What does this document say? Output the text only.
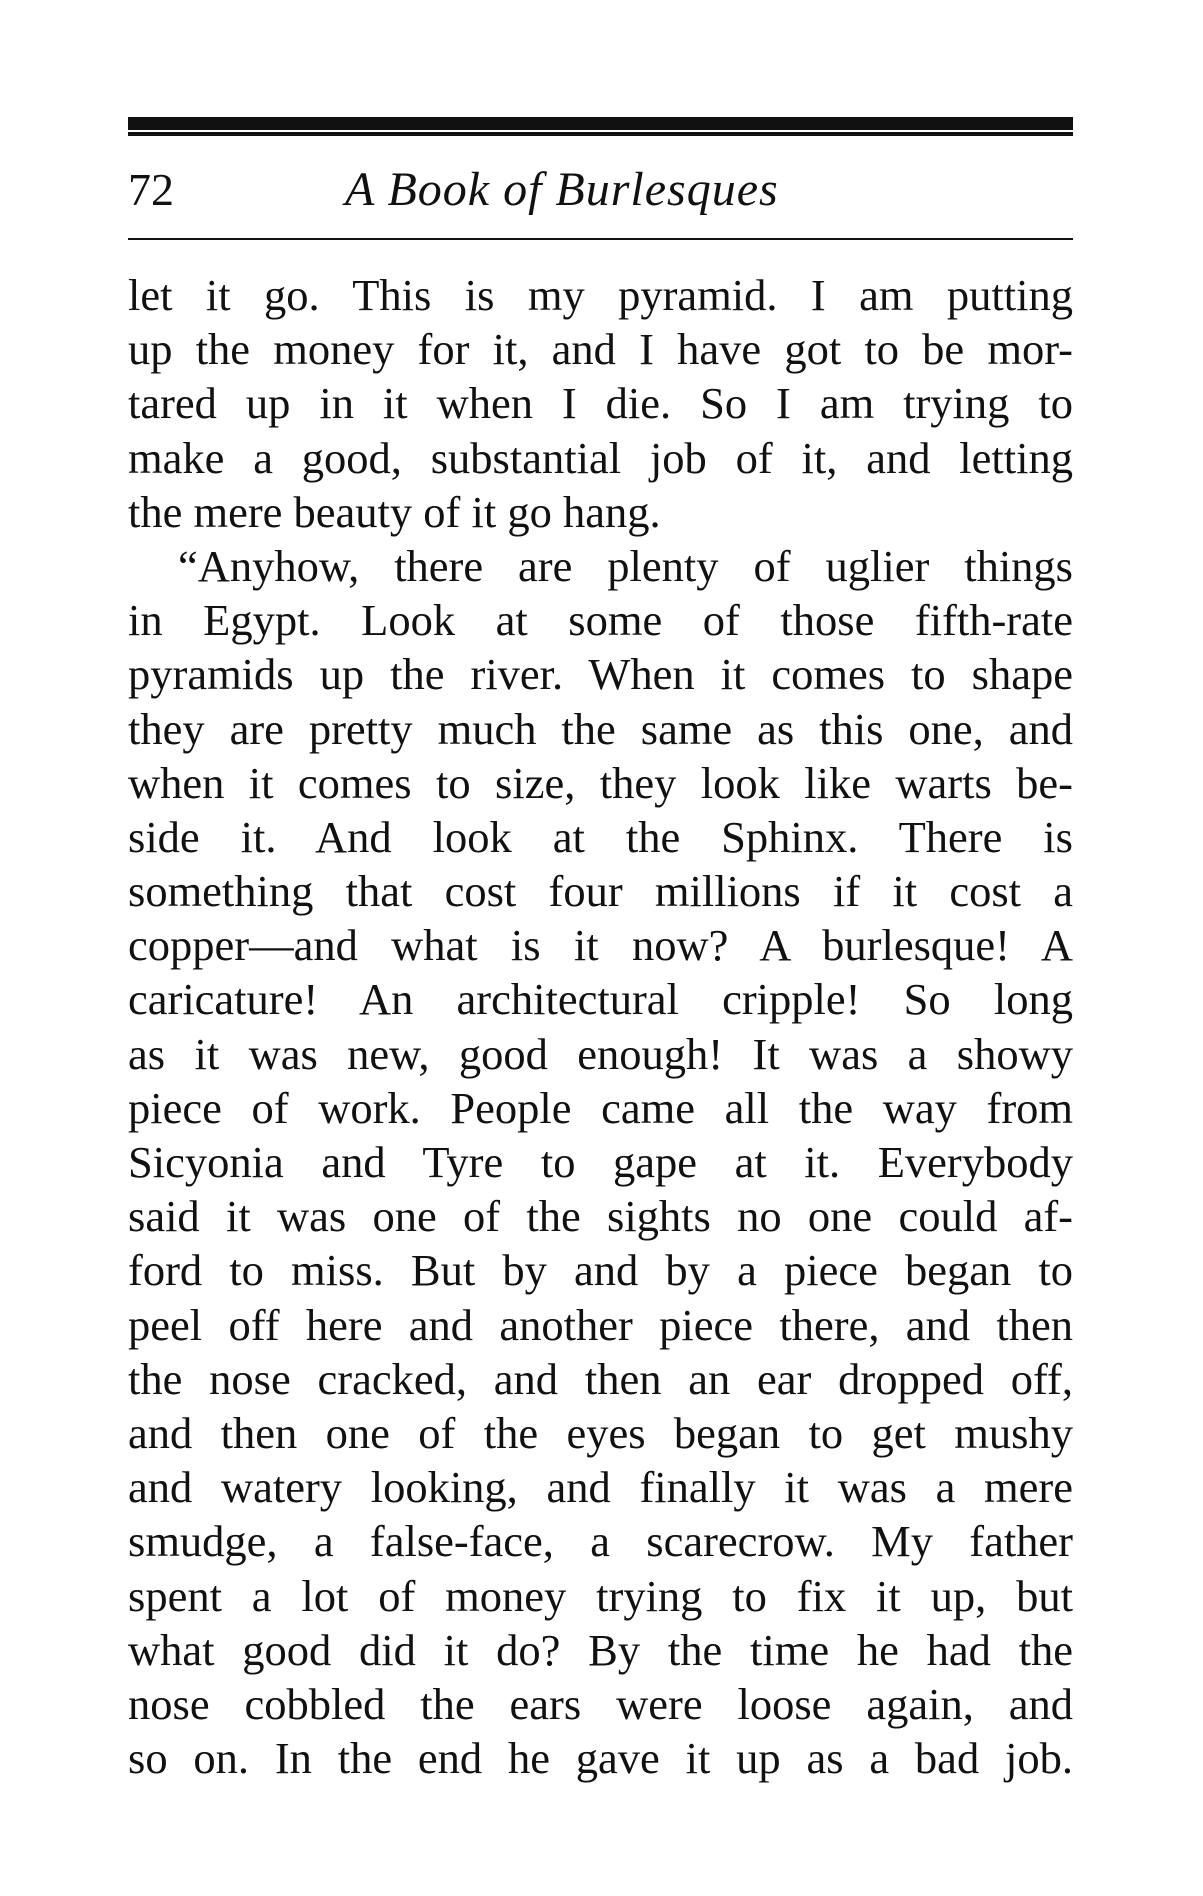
72	A Book of Burlesques
let it go. This is my pyramid. I am putting
up the money for it, and I have got to be mor-
tared up in it when I die. So I am trying to
make a good, substantial job of it, and letting
the mere beauty of it go hang.
“Anyhow, there are plenty of uglier things
in Egypt. Look at some of those fifth-rate
pyramids up the river. When it comes to shape
they are pretty much the same as this one, and
when it comes to size, they look like warts be-
side it. And look at the Sphinx. There is
something that cost four millions if it cost a
copper—and what is it now? A burlesque! A
caricature! An architectural cripple! So long
as it was new, good enough! It was a showy
piece of work. People came all the way from
Sicyonia and Tyre to gape at it. Everybody
said it was one of the sights no one could af-
ford to miss. But by and by a piece began to
peel off here and another piece there, and then
the nose cracked, and then an ear dropped off,
and then one of the eyes began to get mushy
and watery looking, and finally it was a mere
smudge, a false-face, a scarecrow. My father
spent a lot of money trying to fix it up, but
what good did it do? By the time he had the
nose cobbled the ears were loose again, and
so on. In the end he gave it up as a bad job.
